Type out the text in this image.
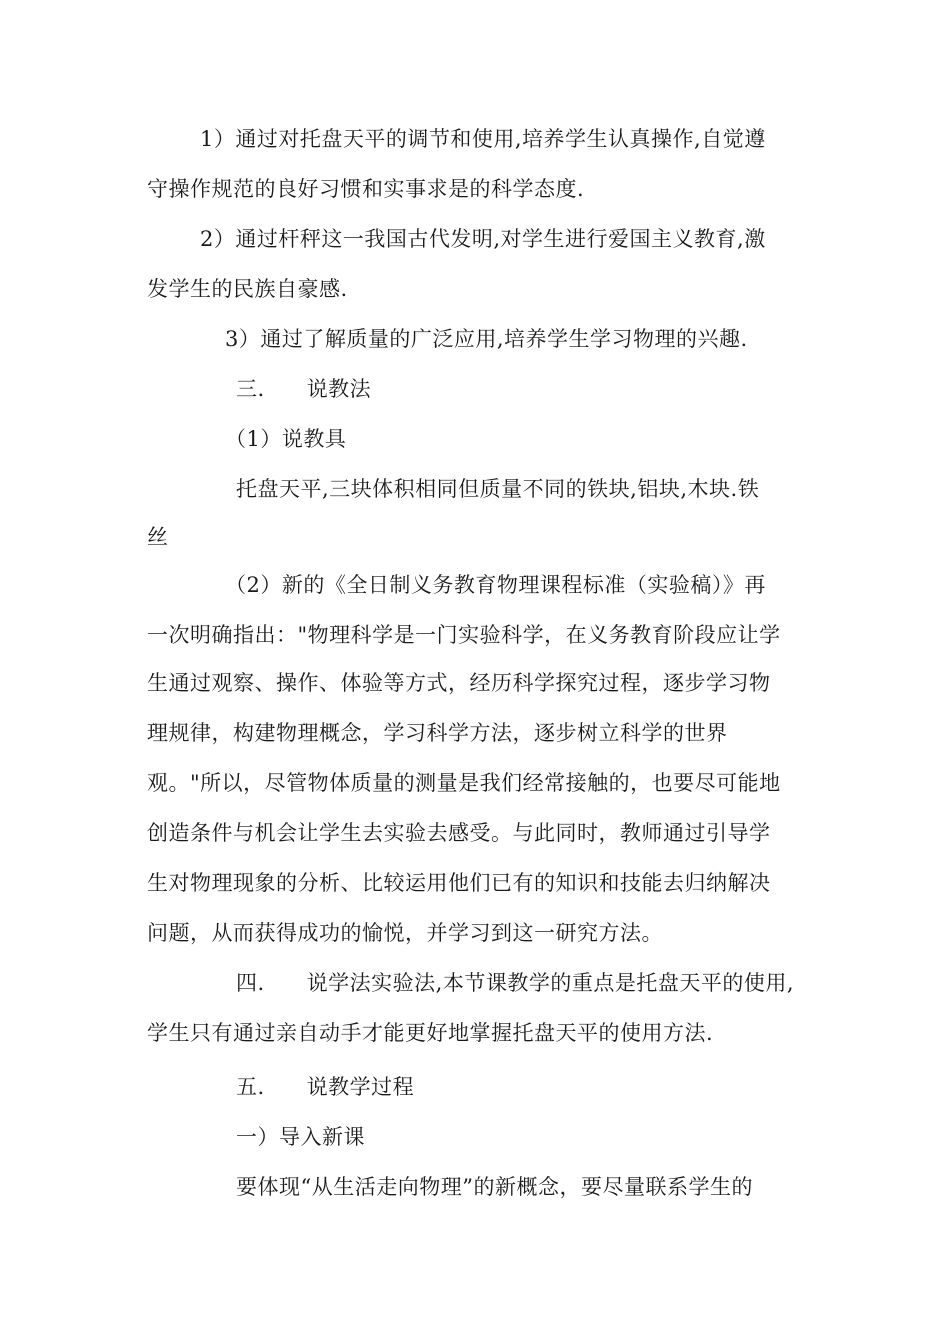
1）通过对托盘天平的调节和使用,培养学生认真操作,自觉遵
守操作规范的良好习惯和实事求是的科学态度.
2）通过杆秤这一我国古代发明,对学生进行爱国主义教育,激
发学生的民族自豪感.
3）通过了解质量的广泛应用,培养学生学习物理的兴趣.
三. 说教法
（1）说教具
托盘天平,三块体积相同但质量不同的铁块,铝块,木块.铁
丝
（2）新的《全日制义务教育物理课程标准（实验稿）》再
一次明确指出："物理科学是一门实验科学，在义务教育阶段应让学
生通过观察、操作、体验等方式，经历科学探究过程，逐步学习物
理规律，构建物理概念，学习科学方法，逐步树立科学的世界
观。"所以，尽管物体质量的测量是我们经常接触的，也要尽可能地
创造条件与机会让学生去实验去感受。与此同时，教师通过引导学
生对物理现象的分析、比较运用他们已有的知识和技能去归纳解决
问题，从而获得成功的愉悦，并学习到这一研究方法。
四. 说学法实验法,本节课教学的重点是托盘天平的使用,
学生只有通过亲自动手才能更好地掌握托盘天平的使用方法.
五. 说教学过程
一）导入新课
要体现“从生活走向物理”的新概念，要尽量联系学生的
